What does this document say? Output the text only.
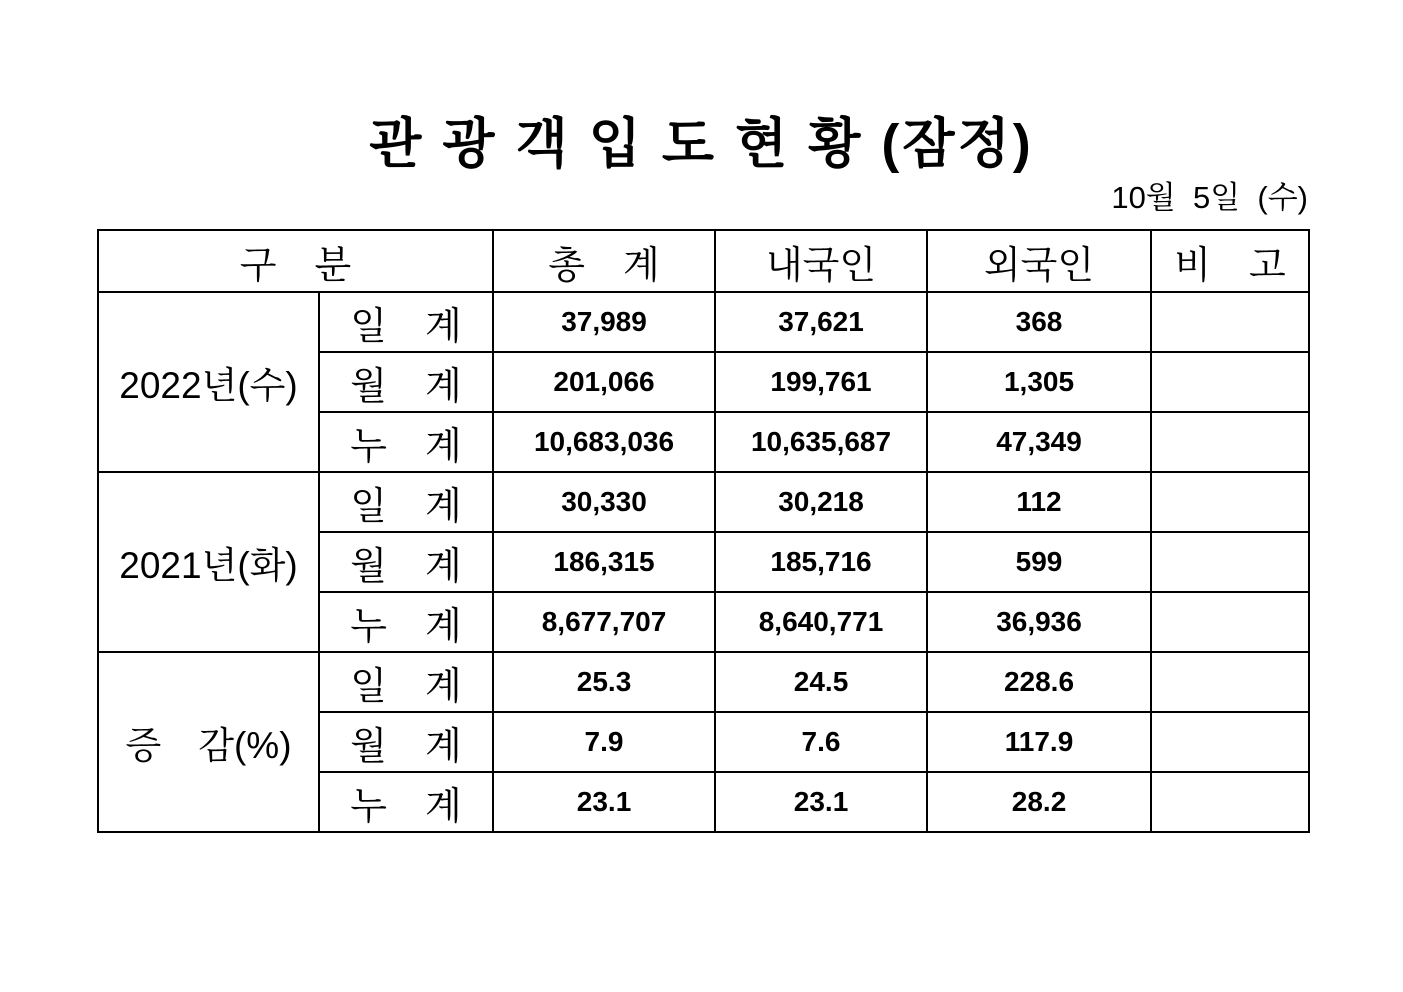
관 광 객 입 도 현 황 (잠정)
10월  5일  (수)
구　분		총　계	내국인	외국인	비　고
2022년(수)	일　계	37,989	37,621	368	
	월　계	201,066	199,761	1,305	
	누　계	10,683,036	10,635,687	47,349	
2021년(화)	일　계	30,330	30,218	112	
	월　계	186,315	185,716	599	
	누　계	8,677,707	8,640,771	36,936	
증　감(%)	일　계	25.3	24.5	228.6	
	월　계	7.9	7.6	117.9	
	누　계	23.1	23.1	28.2	
